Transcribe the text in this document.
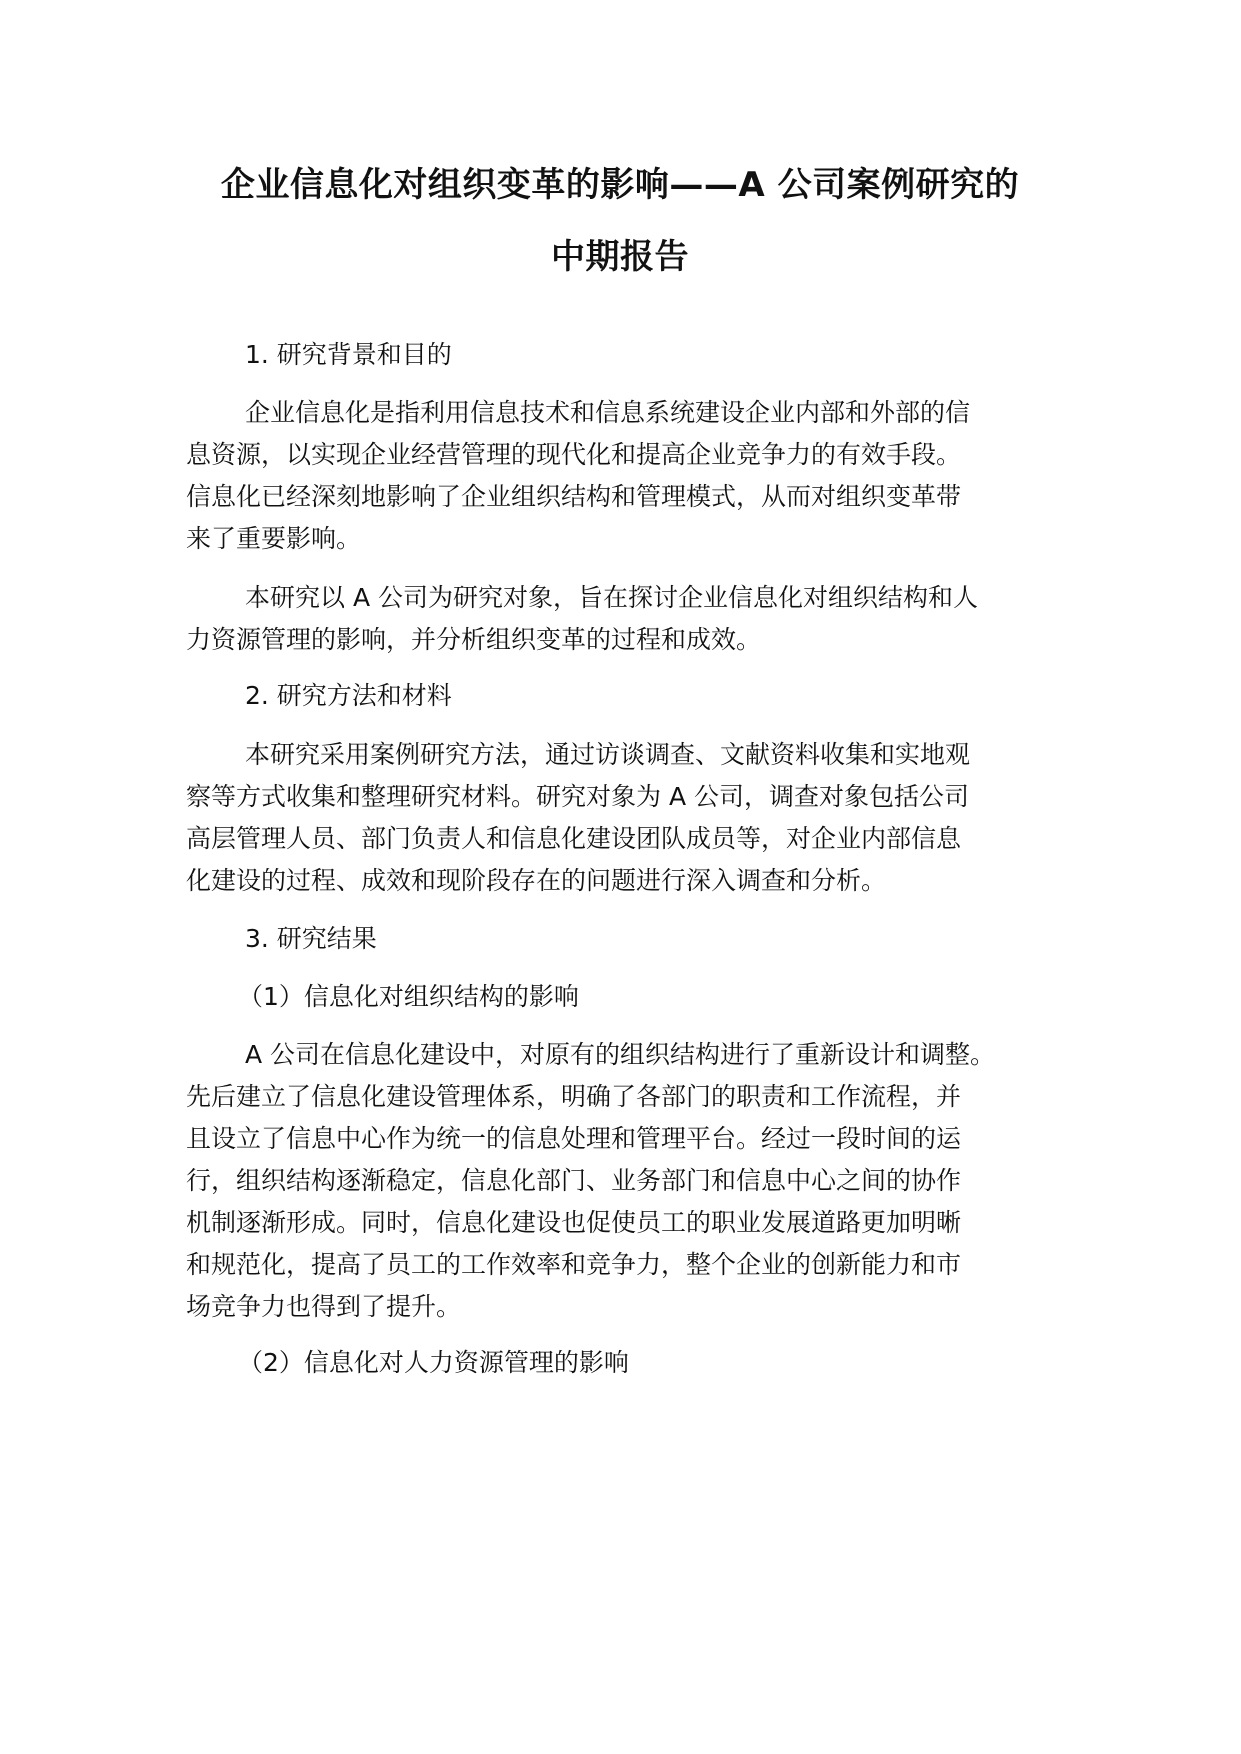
企业信息化对组织变革的影响——A 公司案例研究的
中期报告
1. 研究背景和目的
企业信息化是指利用信息技术和信息系统建设企业内部和外部的信
息资源，以实现企业经营管理的现代化和提高企业竞争力的有效手段。
信息化已经深刻地影响了企业组织结构和管理模式，从而对组织变革带
来了重要影响。
本研究以 A 公司为研究对象，旨在探讨企业信息化对组织结构和人
力资源管理的影响，并分析组织变革的过程和成效。
2. 研究方法和材料
本研究采用案例研究方法，通过访谈调查、文献资料收集和实地观
察等方式收集和整理研究材料。研究对象为 A 公司，调查对象包括公司
高层管理人员、部门负责人和信息化建设团队成员等，对企业内部信息
化建设的过程、成效和现阶段存在的问题进行深入调查和分析。
3. 研究结果
（1）信息化对组织结构的影响
A 公司在信息化建设中，对原有的组织结构进行了重新设计和调整。
先后建立了信息化建设管理体系，明确了各部门的职责和工作流程，并
且设立了信息中心作为统一的信息处理和管理平台。经过一段时间的运
行，组织结构逐渐稳定，信息化部门、业务部门和信息中心之间的协作
机制逐渐形成。同时，信息化建设也促使员工的职业发展道路更加明晰
和规范化，提高了员工的工作效率和竞争力，整个企业的创新能力和市
场竞争力也得到了提升。
（2）信息化对人力资源管理的影响
